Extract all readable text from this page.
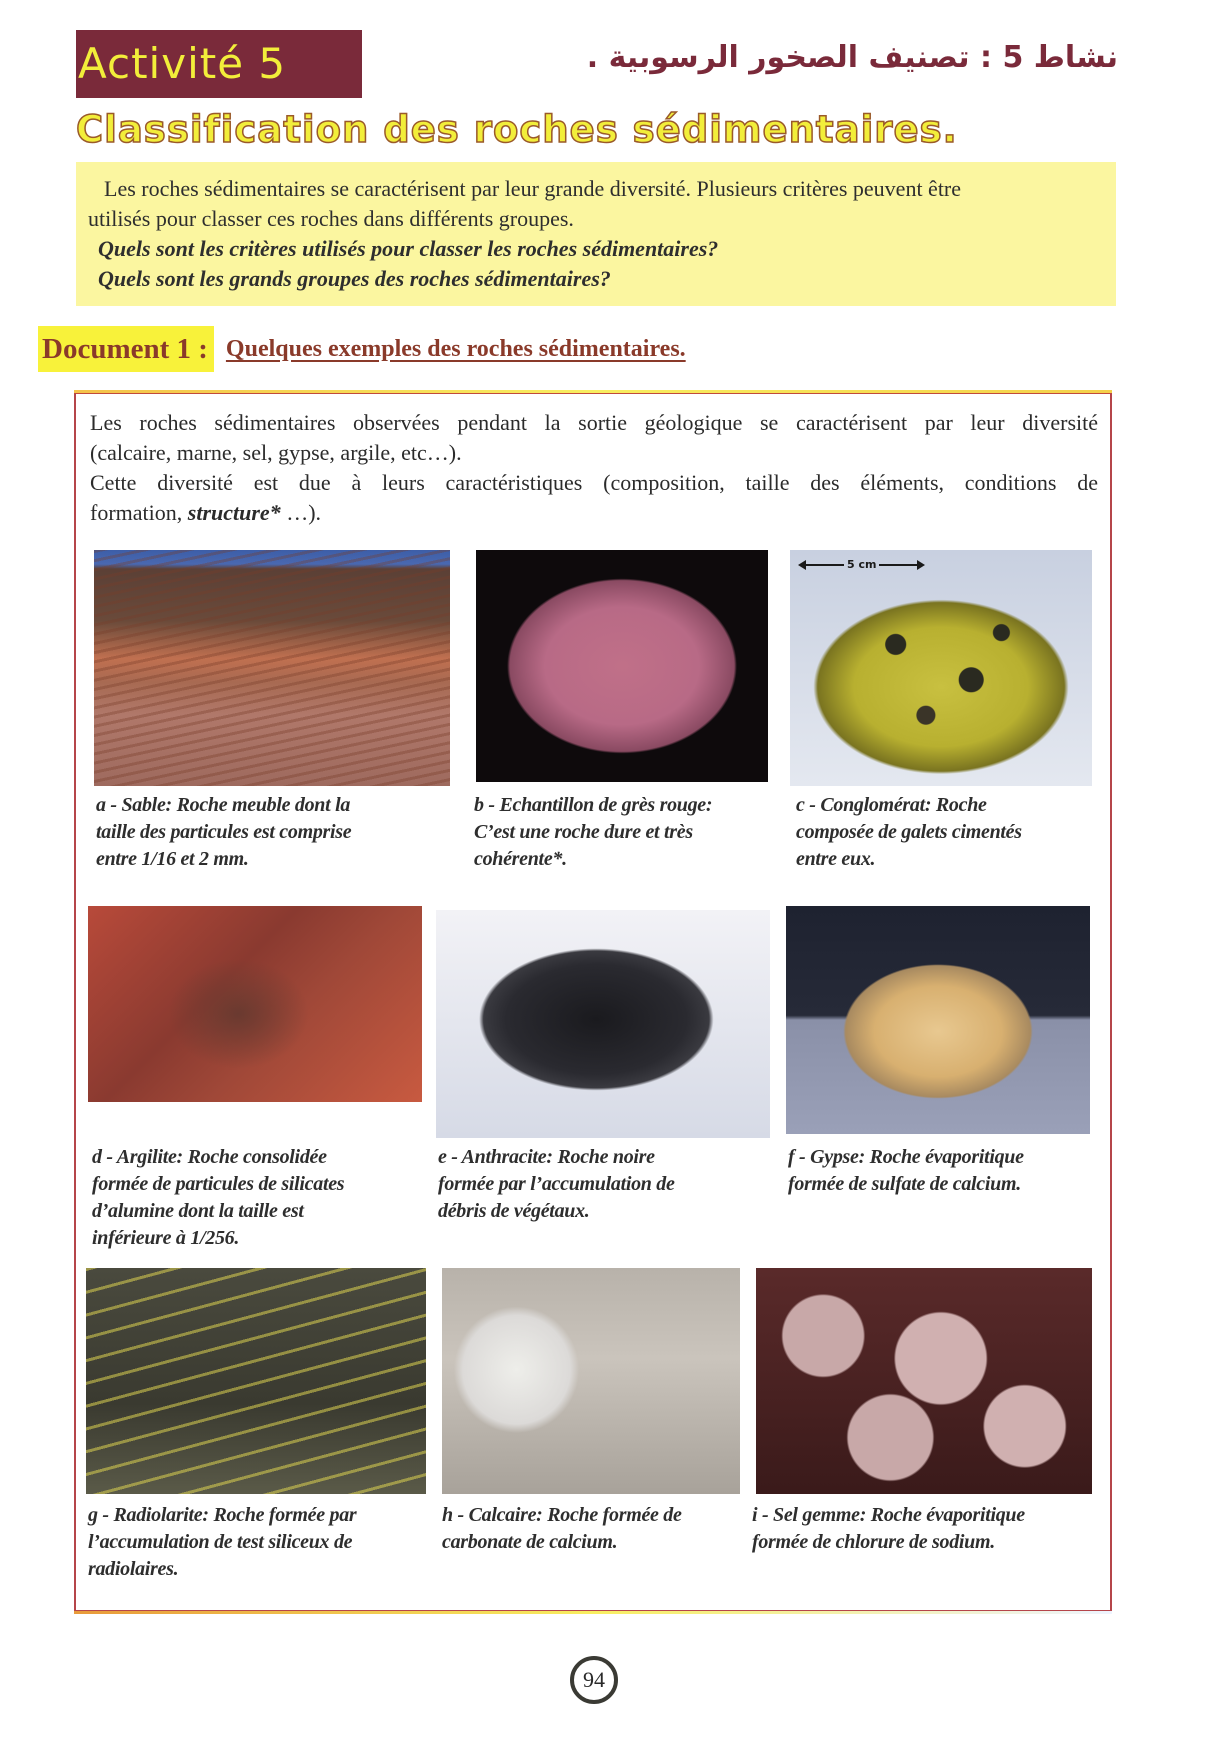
Activité 5	نشاط 5 : تصنيف الصخور الرسوبية .
Classification des roches sédimentaires.
Les roches sédimentaires se caractérisent par leur grande diversité. Plusieurs critères peuvent être
utilisés pour classer ces roches dans différents groupes.
Quels sont les critères utilisés pour classer les roches sédimentaires?
Quels sont les grands groupes des roches sédimentaires?
Document 1 : Quelques exemples des roches sédimentaires.
Les roches sédimentaires observées pendant la sortie géologique se caractérisent par leur diversité
(calcaire, marne, sel, gypse, argile, etc…).
Cette diversité est due à leurs caractéristiques (composition, taille des éléments, conditions de
formation, structure* …).
5 cm
a - Sable: Roche meuble dont la
taille des particules est comprise
entre 1/16 et 2 mm.
b - Echantillon de grès rouge:
C’est une roche dure et très
cohérente*.
c - Conglomérat: Roche
composée de galets cimentés
entre eux.
d - Argilite: Roche consolidée
formée de particules de silicates
d’alumine dont la taille est
inférieure à 1/256.
e - Anthracite: Roche noire
formée par l’accumulation de
débris de végétaux.
f - Gypse: Roche évaporitique
formée de sulfate de calcium.
g - Radiolarite: Roche formée par
l’accumulation de test siliceux de
radiolaires.
h - Calcaire: Roche formée de
carbonate de calcium.
i - Sel gemme: Roche évaporitique
formée de chlorure de sodium.
94
